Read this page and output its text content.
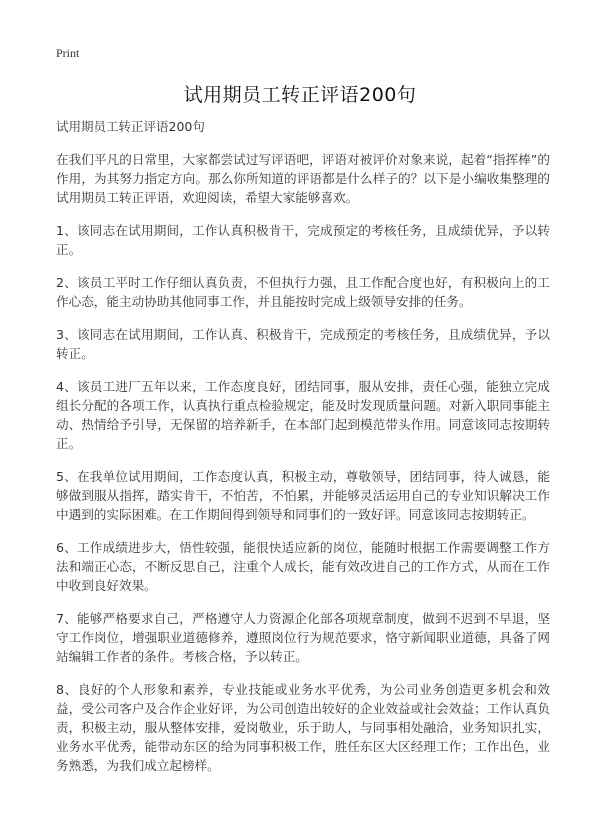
Print
试用期员工转正评语200句

试用期员工转正评语200句

在我们平凡的日常里，大家都尝试过写评语吧，评语对被评价对象来说，起着“指挥棒”的作用，为其努力指定方向。那么你所知道的评语都是什么样子的？以下是小编收集整理的试用期员工转正评语，欢迎阅读，希望大家能够喜欢。

1、该同志在试用期间，工作认真积极肯干，完成预定的考核任务，且成绩优异，予以转正。

2、该员工平时工作仔细认真负责，不但执行力强，且工作配合度也好，有积极向上的工作心态，能主动协助其他同事工作，并且能按时完成上级领导安排的任务。

3、该同志在试用期间，工作认真、积极肯干，完成预定的考核任务，且成绩优异，予以转正。

4、该员工进厂五年以来，工作态度良好，团结同事，服从安排，责任心强，能独立完成组长分配的各项工作，认真执行重点检验规定，能及时发现质量问题。对新入职同事能主动、热情给予引导，无保留的培养新手，在本部门起到模范带头作用。同意该同志按期转正。

5、在我单位试用期间，工作态度认真，积极主动，尊敬领导，团结同事，待人诚恳，能够做到服从指挥，踏实肯干，不怕苦，不怕累，并能够灵活运用自己的专业知识解决工作中遇到的实际困难。在工作期间得到领导和同事们的一致好评。同意该同志按期转正。

6、工作成绩进步大，悟性较强，能很快适应新的岗位，能随时根据工作需要调整工作方法和端正心态，不断反思自己，注重个人成长，能有效改进自己的工作方式，从而在工作中收到良好效果。

7、能够严格要求自己，严格遵守人力资源企化部各项规章制度，做到不迟到不早退，坚守工作岗位，增强职业道德修养，遵照岗位行为规范要求，恪守新闻职业道德，具备了网站编辑工作者的条件。考核合格，予以转正。

8、良好的个人形象和素养，专业技能或业务水平优秀，为公司业务创造更多机会和效益，受公司客户及合作企业好评，为公司创造出较好的企业效益或社会效益；工作认真负责，积极主动，服从整体安排，爱岗敬业，乐于助人，与同事相处融洽，业务知识扎实，业务水平优秀，能带动东区的给为同事积极工作，胜任东区大区经理工作；工作出色，业务熟悉，为我们成立起榜样。
